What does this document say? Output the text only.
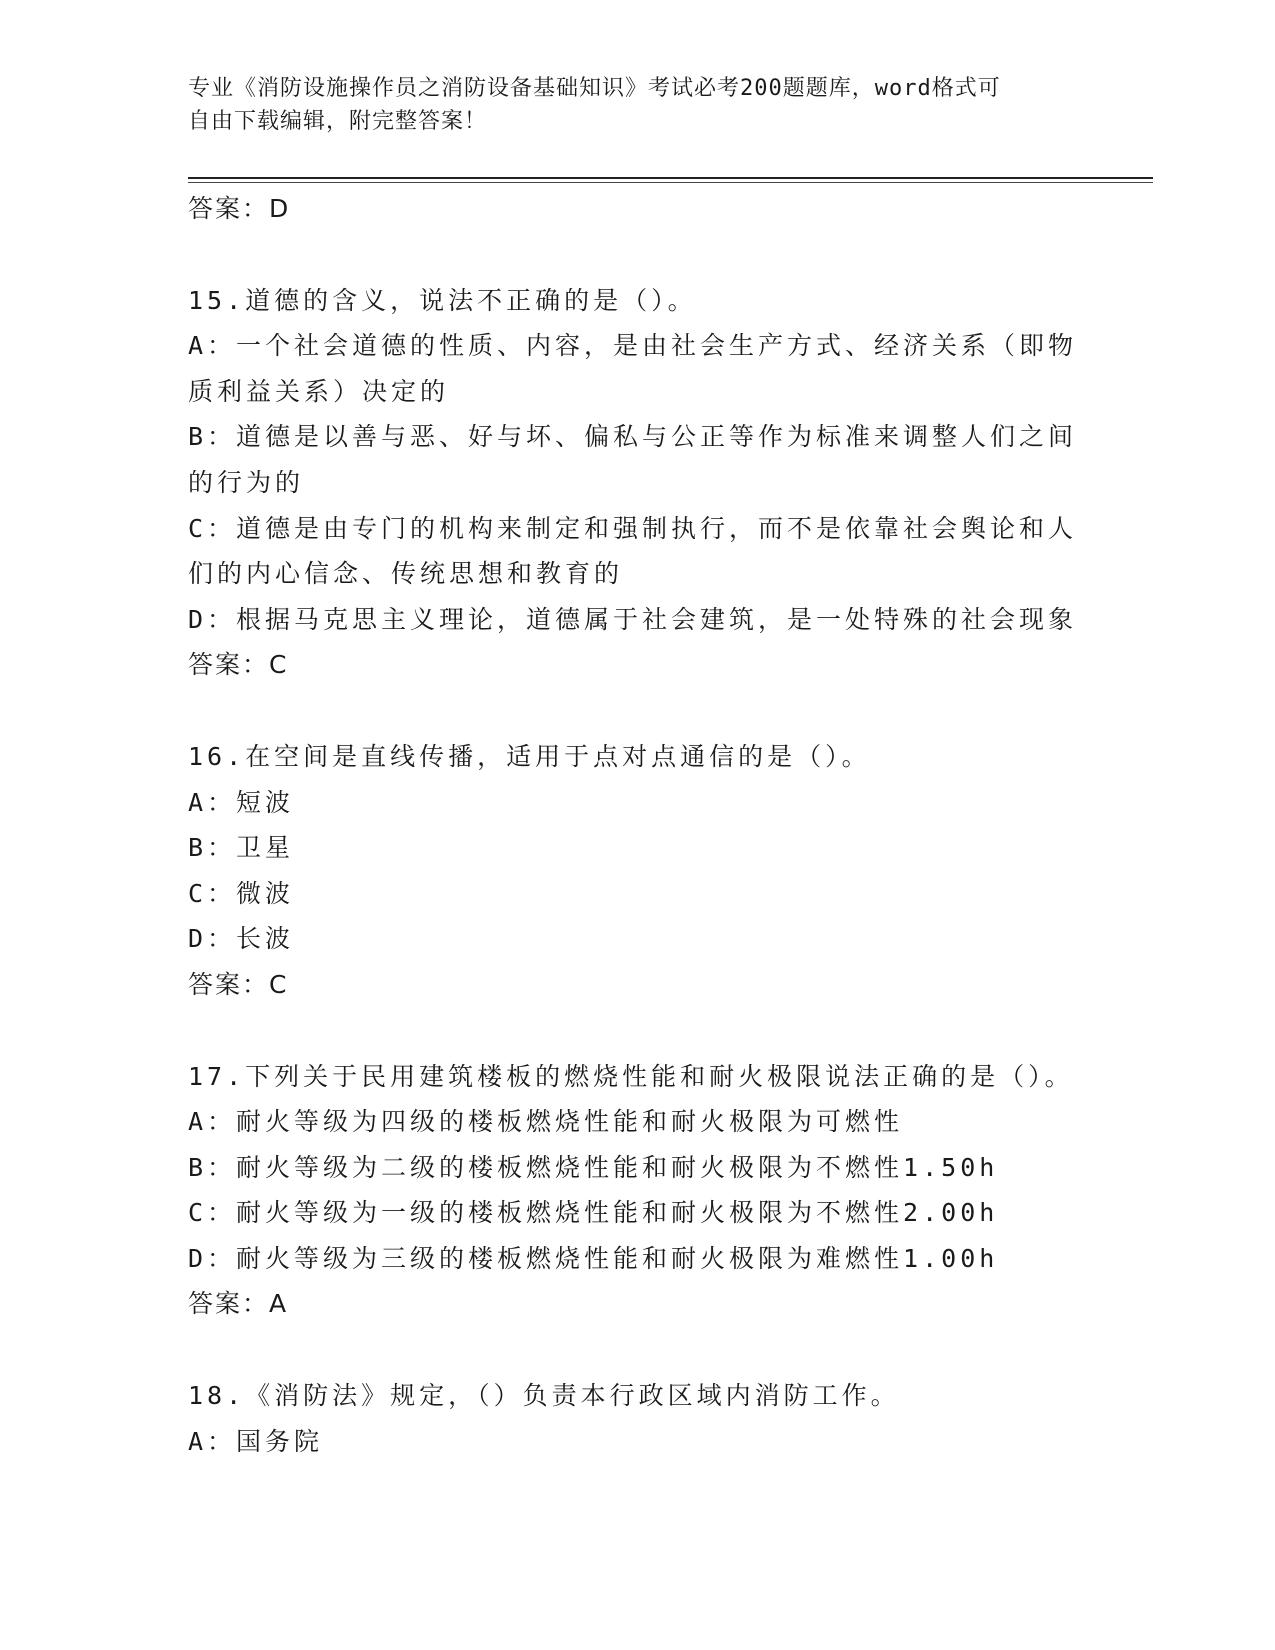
专业《消防设施操作员之消防设备基础知识》考试必考200题题库，word格式可
自由下载编辑，附完整答案！
答案：D
15.道德的含义，说法不正确的是（）。
A：一个社会道德的性质、内容，是由社会生产方式、经济关系（即物
质利益关系）决定的
B：道德是以善与恶、好与坏、偏私与公正等作为标准来调整人们之间
的行为的
C：道德是由专门的机构来制定和强制执行，而不是依靠社会舆论和人
们的内心信念、传统思想和教育的
D：根据马克思主义理论，道德属于社会建筑，是一处特殊的社会现象
答案：C
16.在空间是直线传播，适用于点对点通信的是（）。
A：短波
B：卫星
C：微波
D：长波
答案：C
17.下列关于民用建筑楼板的燃烧性能和耐火极限说法正确的是（）。
A：耐火等级为四级的楼板燃烧性能和耐火极限为可燃性
B：耐火等级为二级的楼板燃烧性能和耐火极限为不燃性1.50h
C：耐火等级为一级的楼板燃烧性能和耐火极限为不燃性2.00h
D：耐火等级为三级的楼板燃烧性能和耐火极限为难燃性1.00h
答案：A
18.《消防法》规定，（）负责本行政区域内消防工作。
A：国务院
